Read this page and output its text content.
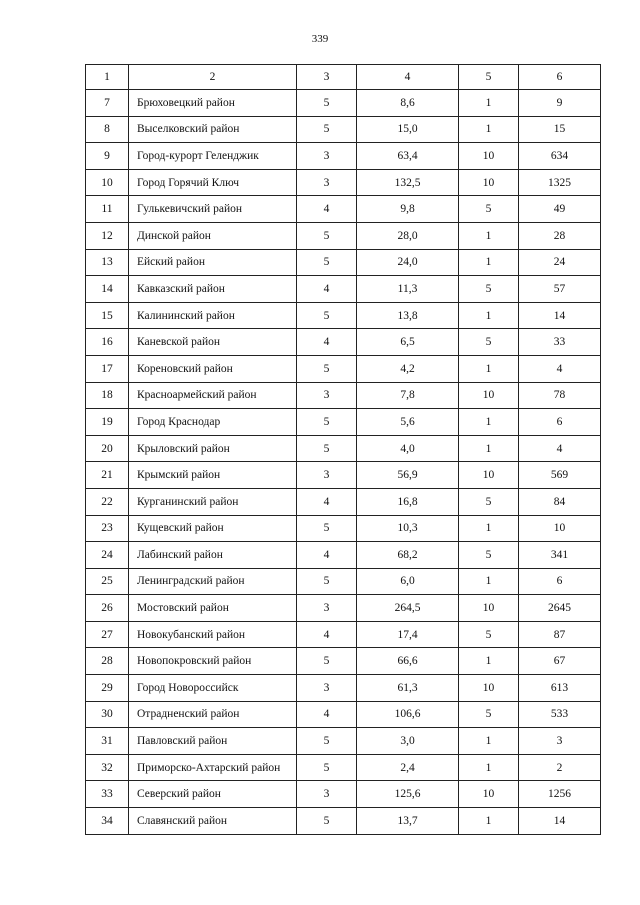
339
1	2	3	4	5	6
7	Брюховецкий район	5	8,6	1	9
8	Выселковский район	5	15,0	1	15
9	Город-курорт Геленджик	3	63,4	10	634
10	Город Горячий Ключ	3	132,5	10	1325
11	Гулькевичский район	4	9,8	5	49
12	Динской район	5	28,0	1	28
13	Ейский район	5	24,0	1	24
14	Кавказский район	4	11,3	5	57
15	Калининский район	5	13,8	1	14
16	Каневской район	4	6,5	5	33
17	Кореновский район	5	4,2	1	4
18	Красноармейский район	3	7,8	10	78
19	Город Краснодар	5	5,6	1	6
20	Крыловский район	5	4,0	1	4
21	Крымский район	3	56,9	10	569
22	Курганинский район	4	16,8	5	84
23	Кущевский район	5	10,3	1	10
24	Лабинский район	4	68,2	5	341
25	Ленинградский район	5	6,0	1	6
26	Мостовский район	3	264,5	10	2645
27	Новокубанский район	4	17,4	5	87
28	Новопокровский район	5	66,6	1	67
29	Город Новороссийск	3	61,3	10	613
30	Отрадненский район	4	106,6	5	533
31	Павловский район	5	3,0	1	3
32	Приморско-Ахтарский район	5	2,4	1	2
33	Северский район	3	125,6	10	1256
34	Славянский район	5	13,7	1	14
